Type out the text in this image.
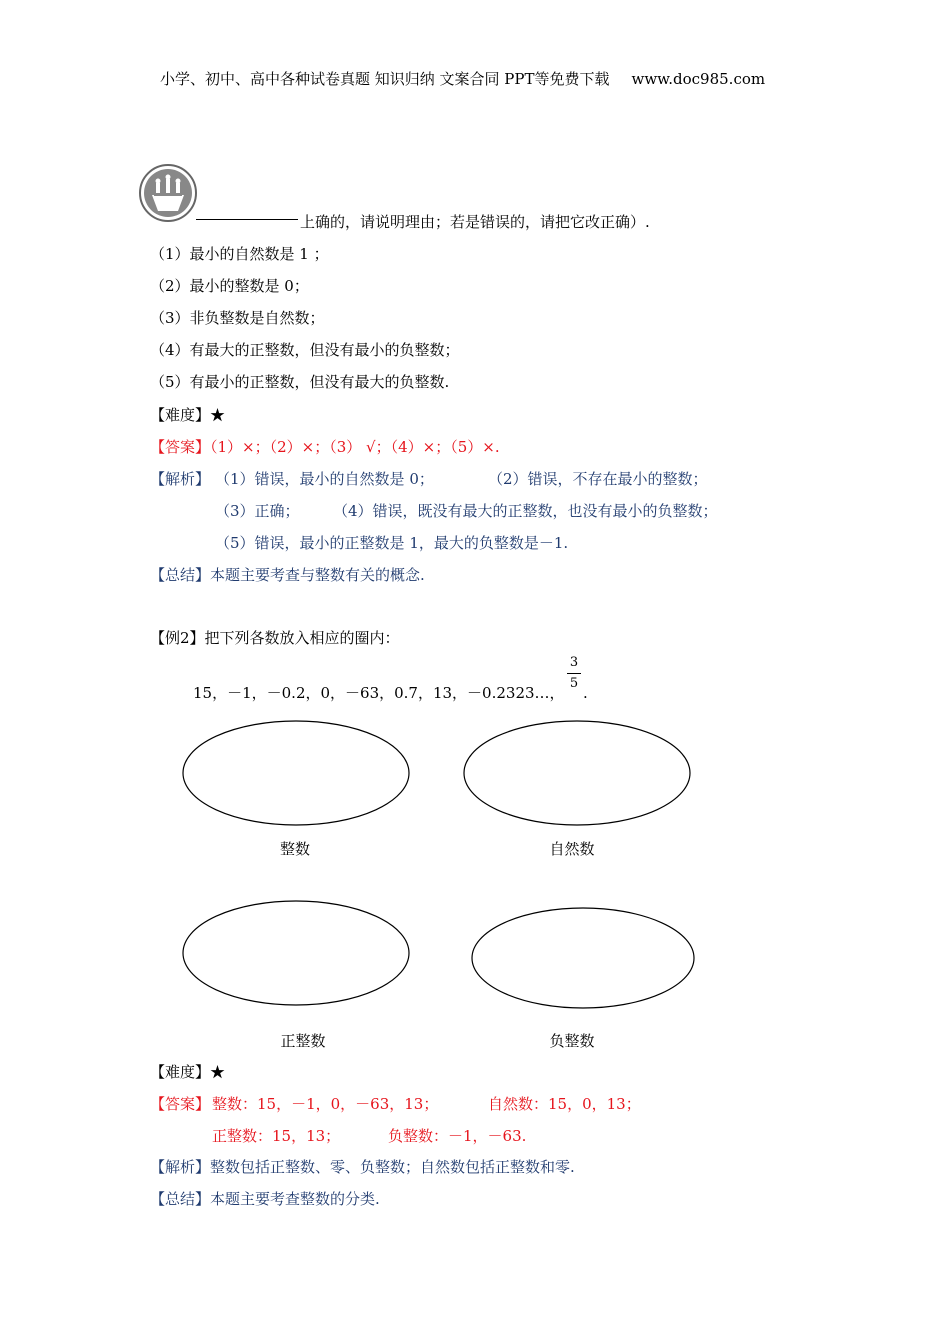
小学、初中、高中各种试卷真题 知识归纳 文案合同 PPT等免费下载 www.doc985.com
上确的，请说明理由；若是错误的，请把它改正确）.
（1）最小的自然数是 1 ；
（2）最小的整数是 0；
（3）非负整数是自然数；
（4）有最大的正整数，但没有最小的负整数；
（5）有最小的正整数，但没有最大的负整数.
【难度】★
【答案】（1）×；（2）×；（3） √；（4）×；（5）×.
【解析】 （1）错误，最小的自然数是 0；	（2）错误，不存在最小的整数；
（3）正确； （4）错误，既没有最大的正整数，也没有最小的负整数；
（5）错误，最小的正整数是 1，最大的负整数是－1.
【总结】本题主要考查与整数有关的概念.
【例2】把下列各数放入相应的圈内：
15，－1，－0.2，0，－63，0.7，13，－0.2323…，
3
5
.
整数	自然数
正整数	负整数
【难度】★
【答案】 整数：15，－1，0，－63，13；	自然数：15，0，13；
正整数：15，13；	负整数：－1，－63.
【解析】整数包括正整数、零、负整数；自然数包括正整数和零.
【总结】本题主要考查整数的分类.
